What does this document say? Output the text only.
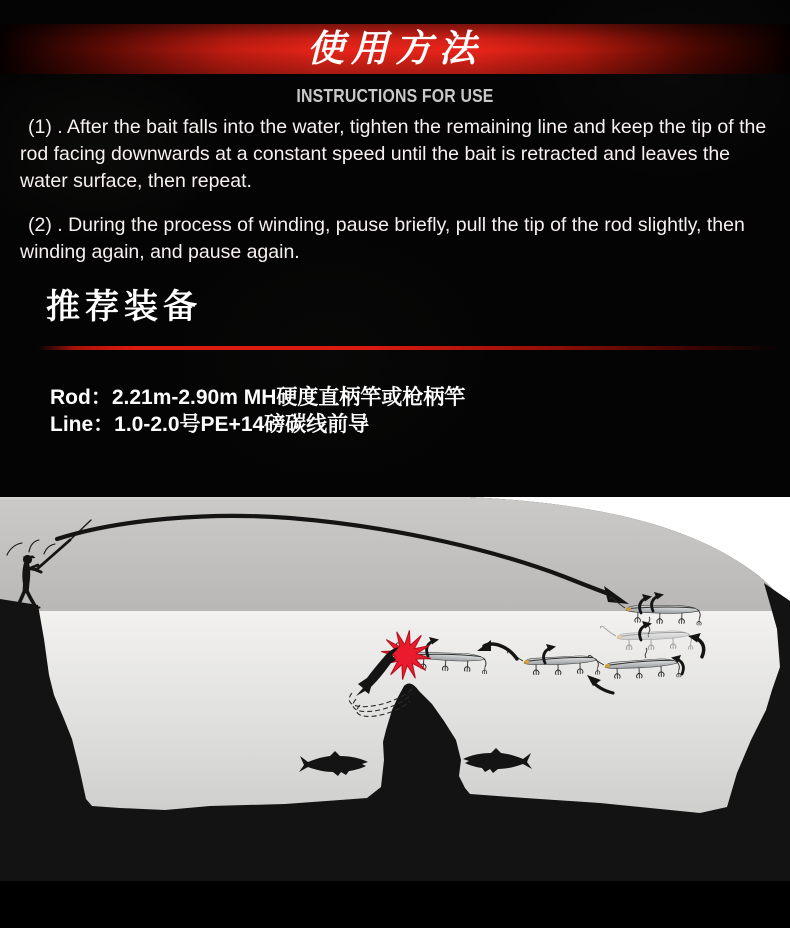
使用方法
INSTRUCTIONS FOR USE
(1) . After the bait falls into the water, tighten the remaining line and keep the tip of the rod facing downwards at a constant speed until the bait is retracted and leaves the water surface, then repeat.
(2) . During the process of winding, pause briefly, pull the tip of the rod slightly, then winding again, and pause again.
推荐装备
Rod：2.21m-2.90m MH硬度直柄竿或枪柄竿
Line：1.0-2.0号PE+14磅碳线前导
